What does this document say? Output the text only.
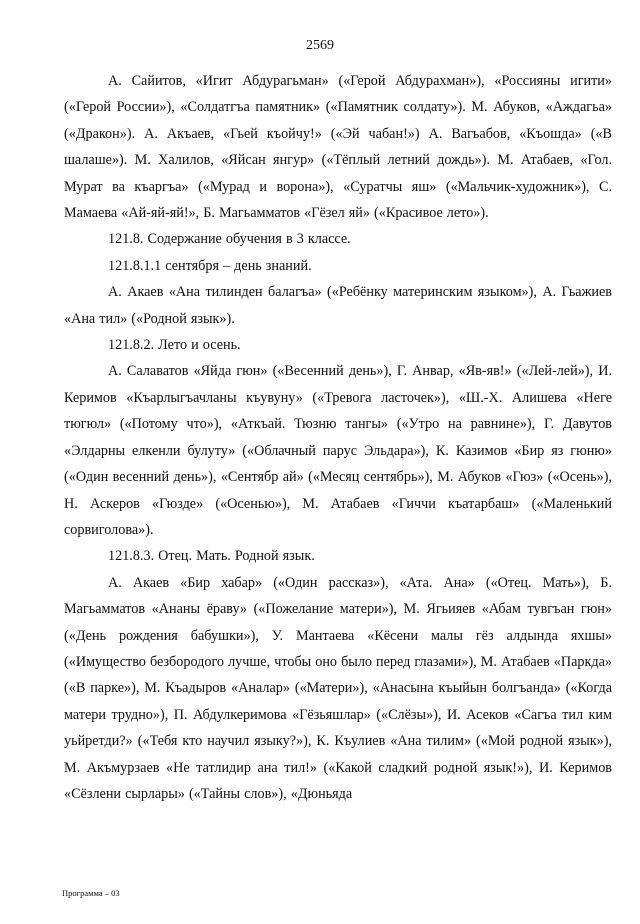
2569

А. Сайитов, «Игит Абдурагьман» («Герой Абдурахман»), «Россияны игити» («Герой России»), «Солдатгъа памятник» («Памятник солдату»). М. Абуков, «Аждагьа» («Дракон»). А. Акъаев, «Гьей къойчу!» («Эй чабан!») А. Вагьабов, «Къошда» («В шалаше»). М. Халилов, «Яйсан янгур» («Тёплый летний дождь»). М. Атабаев, «Гол. Мурат ва къаргъа» («Мурад и ворона»), «Суратчы яш» («Мальчик-художник»), С. Мамаева «Ай-яй-яй!», Б. Магьамматов «Гёзел яй» («Красивое лето»).

121.8. Содержание обучения в 3 классе.

121.8.1.1 сентября – день знаний.

А. Акаев «Ана тилинден балагъа» («Ребёнку материнским языком»), А. Гьажиев «Ана тил» («Родной язык»).

121.8.2. Лето и осень.

А. Салаватов «Яйда гюн» («Весенний день»), Г. Анвар, «Яв-яв!» («Лей-лей»), И. Керимов «Къарлыгъачланы къувуну» («Тревога ласточек»), «Ш.-Х. Алишева «Неге тюгюл» («Потому что»), «Аткъай. Тюзню тангы» («Утро на равнине»), Г. Давутов «Элдарны елкенли булуту» («Облачный парус Эльдара»), К. Казимов «Бир яз гюню» («Один весенний день»), «Сентябр ай» («Месяц сентябрь»), М. Абуков «Гюз» («Осень»), Н. Аскеров «Гюзде» («Осенью»), М. Атабаев «Гиччи къатарбаш» («Маленький сорвиголова»).

121.8.3. Отец. Мать. Родной язык.

А. Акаев «Бир хабар» («Один рассказ»), «Ата. Ана» («Отец. Мать»), Б. Магьамматов «Ананы ёраву» («Пожелание матери»), М. Ягьияев «Абам тувгъан гюн» («День рождения бабушки»), У. Мантаева «Кёсени малы гёз алдында яхшы» («Имущество безбородого лучше, чтобы оно было перед глазами»), М. Атабаев «Паркда» («В парке»), М. Къадыров «Аналар» («Матери»), «Анасына къыйын болгъанда» («Когда матери трудно»), П. Абдулкеримова «Гёзьяшлар» («Слёзы»), И. Асеков «Сагъа тил ким уьйретди?» («Тебя кто научил языку?»), К. Къулиев «Ана тилим» («Мой родной язык»), М. Акъмурзаев «Не татлидир ана тил!» («Какой сладкий родной язык!»), И. Керимов «Сёзлени сырлары» («Тайны слов»), «Дюньяда

Программа – 03
